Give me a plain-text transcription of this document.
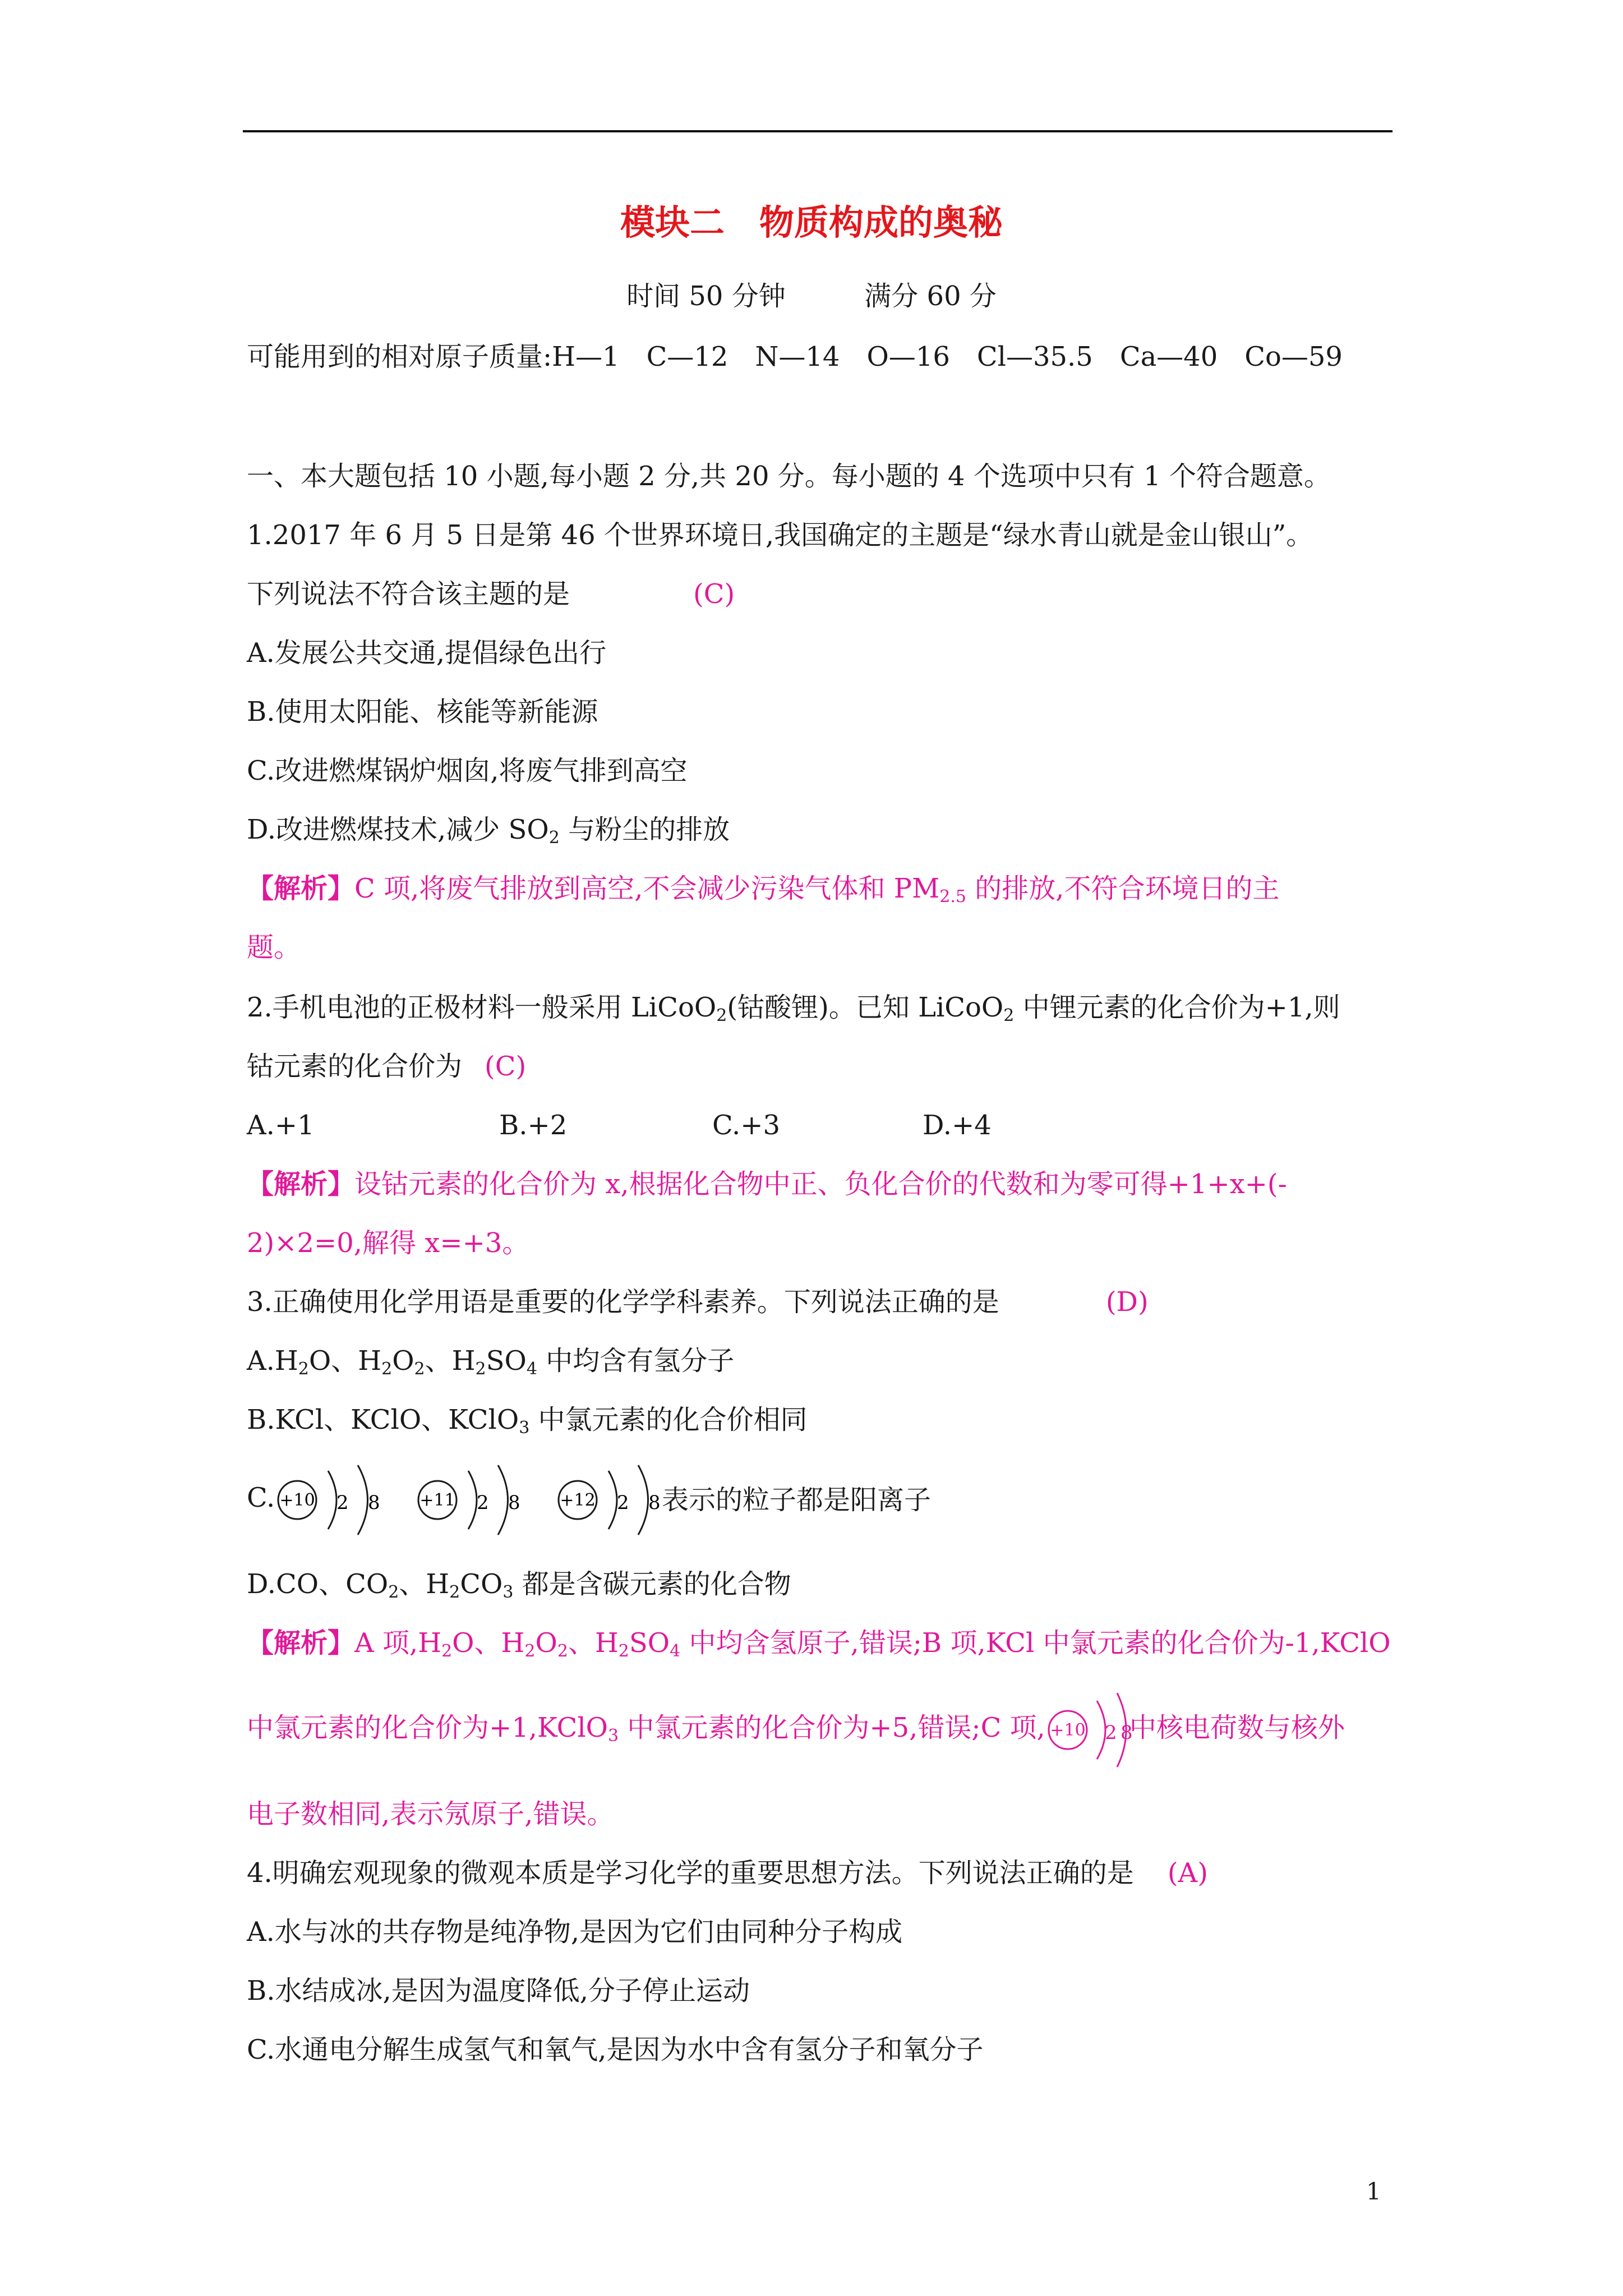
模块二　物质构成的奥秘
时间 50 分钟	满分 60 分
可能用到的相对原子质量:H—1　C—12　N—14　O—16　Cl—35.5　Ca—40　Co—59
一、本大题包括 10 小题,每小题 2 分,共 20 分。每小题的 4 个选项中只有 1 个符合题意。
1.2017 年 6 月 5 日是第 46 个世界环境日,我国确定的主题是“绿水青山就是金山银山”。
下列说法不符合该主题的是	(C)
A.发展公共交通,提倡绿色出行
B.使用太阳能、核能等新能源
C.改进燃煤锅炉烟囱,将废气排到高空
D.改进燃煤技术,减少 $SO_2$ 与粉尘的排放
【解析】C 项,将废气排放到高空,不会减少污染气体和 $PM_{2.5}$ 的排放,不符合环境日的主
题。
2.手机电池的正极材料一般采用 LiCoO$_2$(钴酸锂)。已知 LiCoO$_2$ 中锂元素的化合价为+1,则
钴元素的化合价为 (C)
A.+1	B.+2	C.+3	D.+4
【解析】设钴元素的化合价为 x,根据化合物中正、负化合价的代数和为零可得+1+x+(-
2)×2=0,解得 x=+3。
3.正确使用化学用语是重要的化学学科素养。下列说法正确的是	(D)
$A.H_2O$、$H_2O_2$、$H_2SO_4$ 中均含有氢分子
B.KCl、KClO、KClO$_3$ 中氯元素的化合价相同
C. +10 2 8 +11 2 8 +12 2 8 表示的粒子都是阳离子
D.CO、$CO_2$、$H_2CO_3$ 都是含碳元素的化合物
【解析】A 项$,H_2O$、$H_2O_2$、$H_2SO_4$ 中均含氢原子,错误;B 项,KCl 中氯元素的化合价为-1,KClO
中氯元素的化合价为+1,KClO$_3$ 中氯元素的化合价为+5,错误;C 项, +10 2 8
中核电荷数与核外
电子数相同,表示氖原子,错误。
4.明确宏观现象的微观本质是学习化学的重要思想方法。下列说法正确的是 (A)
A.水与冰的共存物是纯净物,是因为它们由同种分子构成
B.水结成冰,是因为温度降低,分子停止运动
C.水通电分解生成氢气和氧气,是因为水中含有氢分子和氧分子
1
